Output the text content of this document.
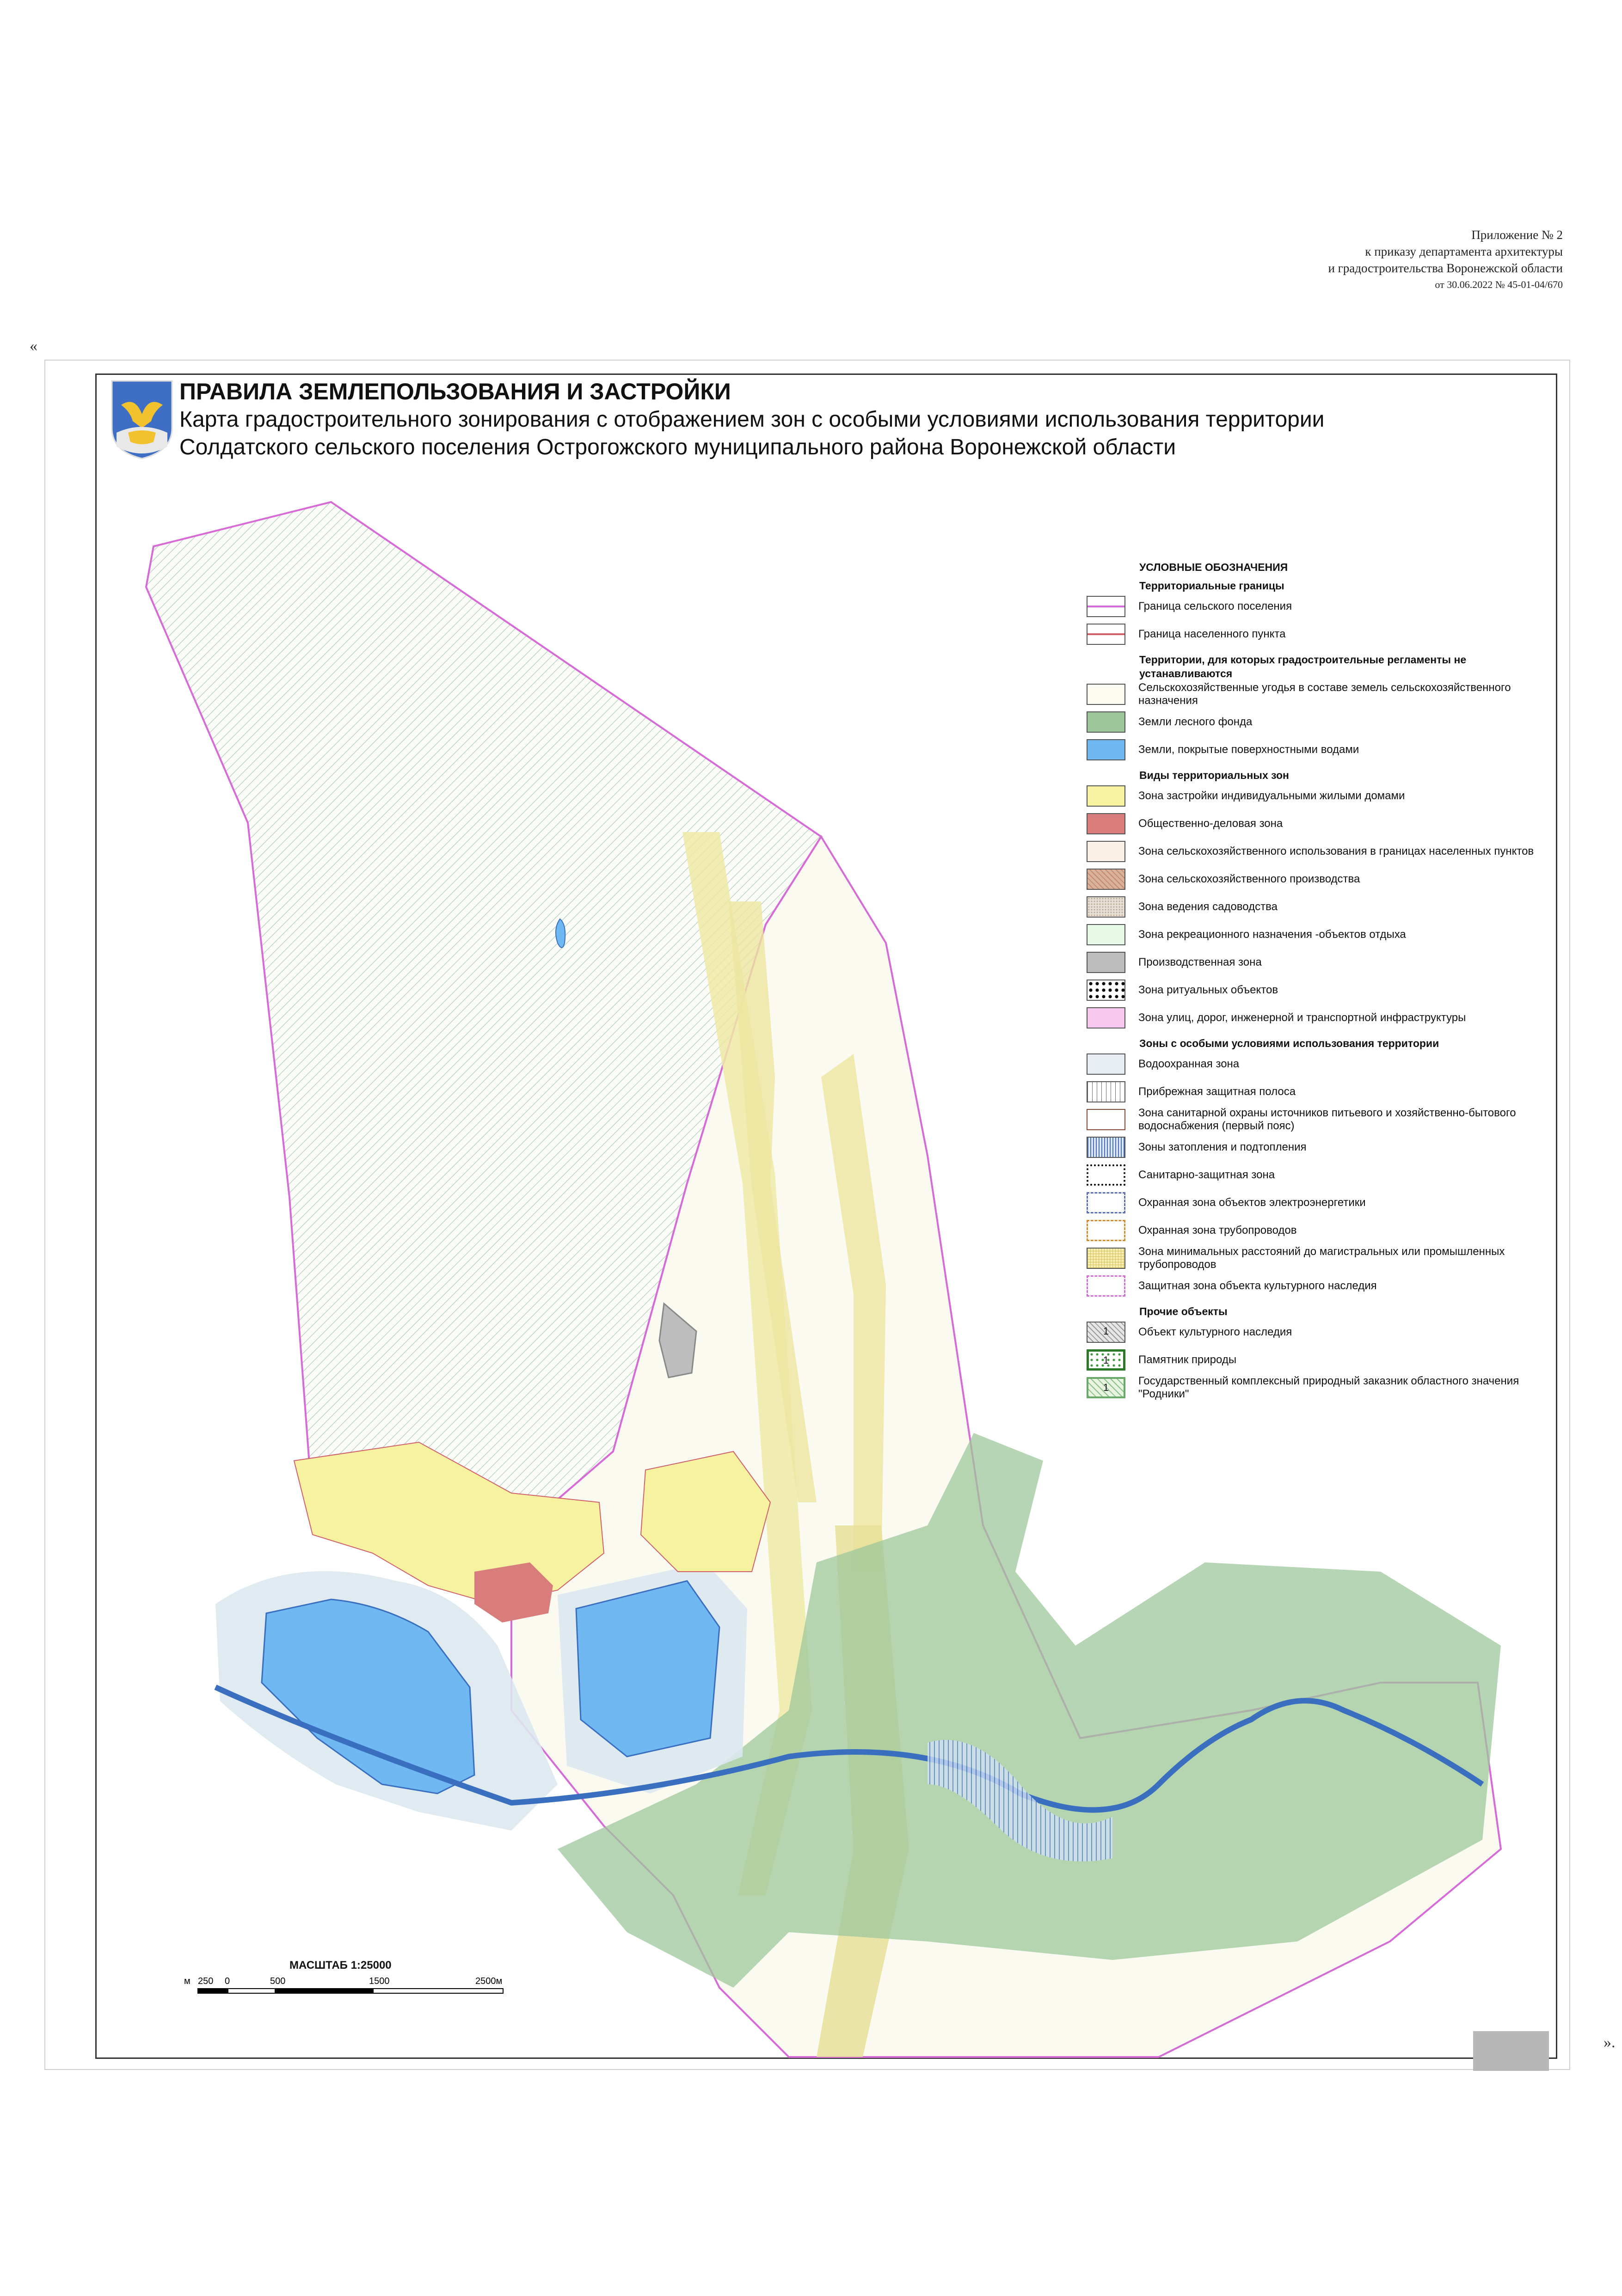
Приложение № 2
к приказу департамента архитектуры
и градостроительства Воронежской области
от 30.06.2022 № 45-01-04/670
«
».
ПРАВИЛА ЗЕМЛЕПОЛЬЗОВАНИЯ И ЗАСТРОЙКИ
Карта градостроительного зонирования с отображением зон с особыми условиями использования территории
Солдатского сельского поселения Острогожского муниципального района Воронежской области
УСЛОВНЫЕ ОБОЗНАЧЕНИЯ
Территориальные границы
Граница сельского поселения
Граница населенного пункта
Территории, для которых градостроительные регламенты не устанавливаются
Сельскохозяйственные угодья в составе земель сельскохозяйственного назначения
Земли лесного фонда
Земли, покрытые поверхностными водами
Виды территориальных зон
Зона застройки индивидуальными жилыми домами
Общественно-деловая зона
Зона сельскохозяйственного использования в границах населенных пунктов
Зона сельскохозяйственного производства
Зона ведения садоводства
Зона рекреационного назначения -объектов отдыха
Производственная зона
Зона ритуальных объектов
Зона улиц, дорог, инженерной и транспортной инфраструктуры
Зоны с особыми условиями использования территории
Водоохранная зона
Прибрежная защитная полоса
Зона санитарной охраны источников питьевого и хозяйственно-бытового водоснабжения (первый пояс)
Зоны затопления и подтопления
Санитарно-защитная зона
Охранная зона объектов электроэнергетики
Охранная зона трубопроводов
Зона минимальных расстояний до магистральных или промышленных трубопроводов
Защитная зона объекта культурного наследия
Прочие объекты
1	Объект культурного наследия
1	Памятник природы
1
Государственный комплексный природный заказник областного значения "Родники"
МАСШТАБ 1:25000
м 250 0	500	1500	2500м
